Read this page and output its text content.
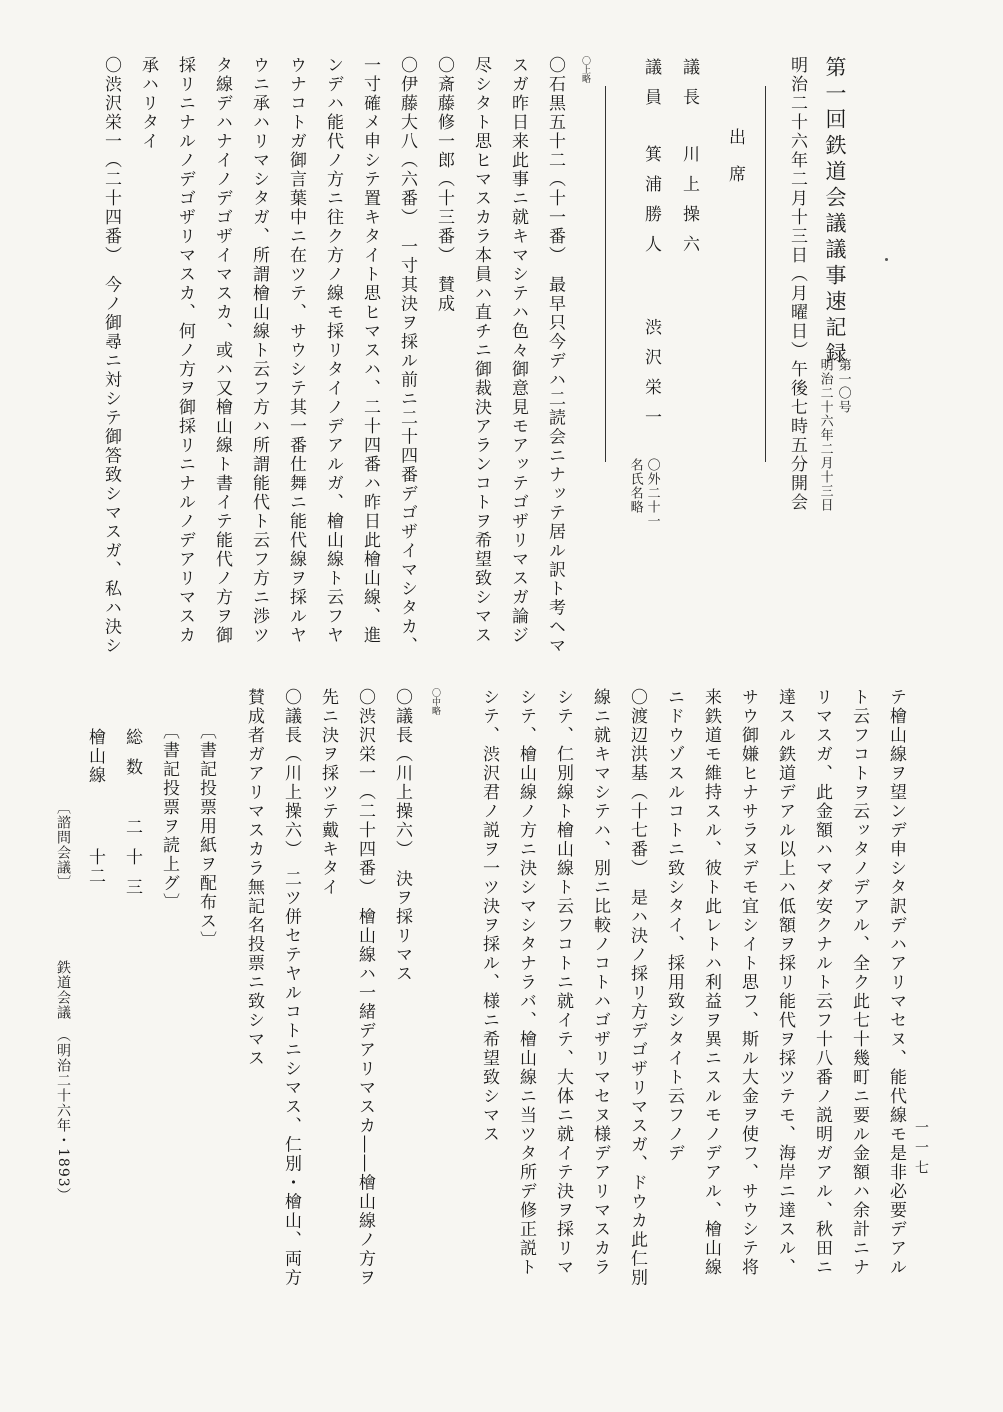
第一回鉄道会議議事速記録
第一〇号
明治二十六年二月十三日
明治二十六年二月十三日（月曜日）午後七時五分開会
出席
議長
川上操六
議員
箕浦勝人
渋沢栄一
〇外二十一
名氏名略
〇上略
〇石黒五十二（十一番）　最早只今デハ二読会ニナッテ居ル訳ト考ヘマ
スガ昨日来此事ニ就キマシテハ色々御意見モアッテゴザリマスガ論ジ
尽シタト思ヒマスカラ本員ハ直チニ御裁決アランコトヲ希望致シマス
〇斎藤修一郎（十三番）　賛成
〇伊藤大八（六番）　一寸其決ヲ採ル前ニ二十四番デゴザイマシタカ、
一寸確メ申シテ置キタイト思ヒマスハ、二十四番ハ昨日此檜山線、進
ンデハ能代ノ方ニ往ク方ノ線モ採リタイノデアルガ、檜山線ト云フヤ
ウナコトガ御言葉中ニ在ツテ、サウシテ其一番仕舞ニ能代線ヲ採ルヤ
ウニ承ハリマシタガ、所謂檜山線ト云フ方ハ所謂能代ト云フ方ニ渉ツ
タ線デハナイノデゴザイマスカ、或ハ又檜山線ト書イテ能代ノ方ヲ御
採リニナルノデゴザリマスカ、何ノ方ヲ御採リニナルノデアリマスカ
承ハリタイ
〇渋沢栄一（二十四番）　今ノ御尋ニ対シテ御答致シマスガ、私ハ決シ
〔諮問会議〕
鉄道会議　（明治二十六年・1893）	テ檜山線ヲ望ンデ申シタ訳デハアリマセヌ、能代線モ是非必要デアル
ト云フコトヲ云ッタノデアル、全ク此七十幾町ニ要ル金額ハ余計ニナ
リマスガ、此金額ハマダ安クナルト云フ十八番ノ説明ガアル、秋田ニ
達スル鉄道デアル以上ハ低額ヲ採リ能代ヲ採ツテモ、海岸ニ達スル、
サウ御嫌ヒナサラヌデモ宜シイト思フ、斯ル大金ヲ使フ、サウシテ将
来鉄道モ維持スル、彼ト此レトハ利益ヲ異ニスルモノデアル、檜山線
ニドウゾスルコトニ致シタイ、採用致シタイト云フノデ
〇渡辺洪基（十七番）　是ハ決ノ採リ方デゴザリマスガ、ドウカ此仁別
線ニ就キマシテハ、別ニ比較ノコトハゴザリマセヌ様デアリマスカラ
シテ、仁別線ト檜山線ト云フコトニ就イテ、大体ニ就イテ決ヲ採リマ
シテ、檜山線ノ方ニ決シマシタナラバ、檜山線ニ当ツタ所デ修正説ト
シテ、渋沢君ノ説ヲ一ツ決ヲ採ル、様ニ希望致シマス
〇中略
〇議長（川上操六）　決ヲ採リマス
〇渋沢栄一（二十四番）　檜山線ハ一緒デアリマスカ――檜山線ノ方ヲ
先ニ決ヲ採ツテ戴キタイ
〇議長（川上操六）　二ツ併セテヤルコトニシマス、仁別・檜山、両方
賛成者ガアリマスカラ無記名投票ニ致シマス
〔書記投票用紙ヲ配布ス〕
〔書記投票ヲ読上グ〕
総数
二十三
檜山線
十二
一一七
